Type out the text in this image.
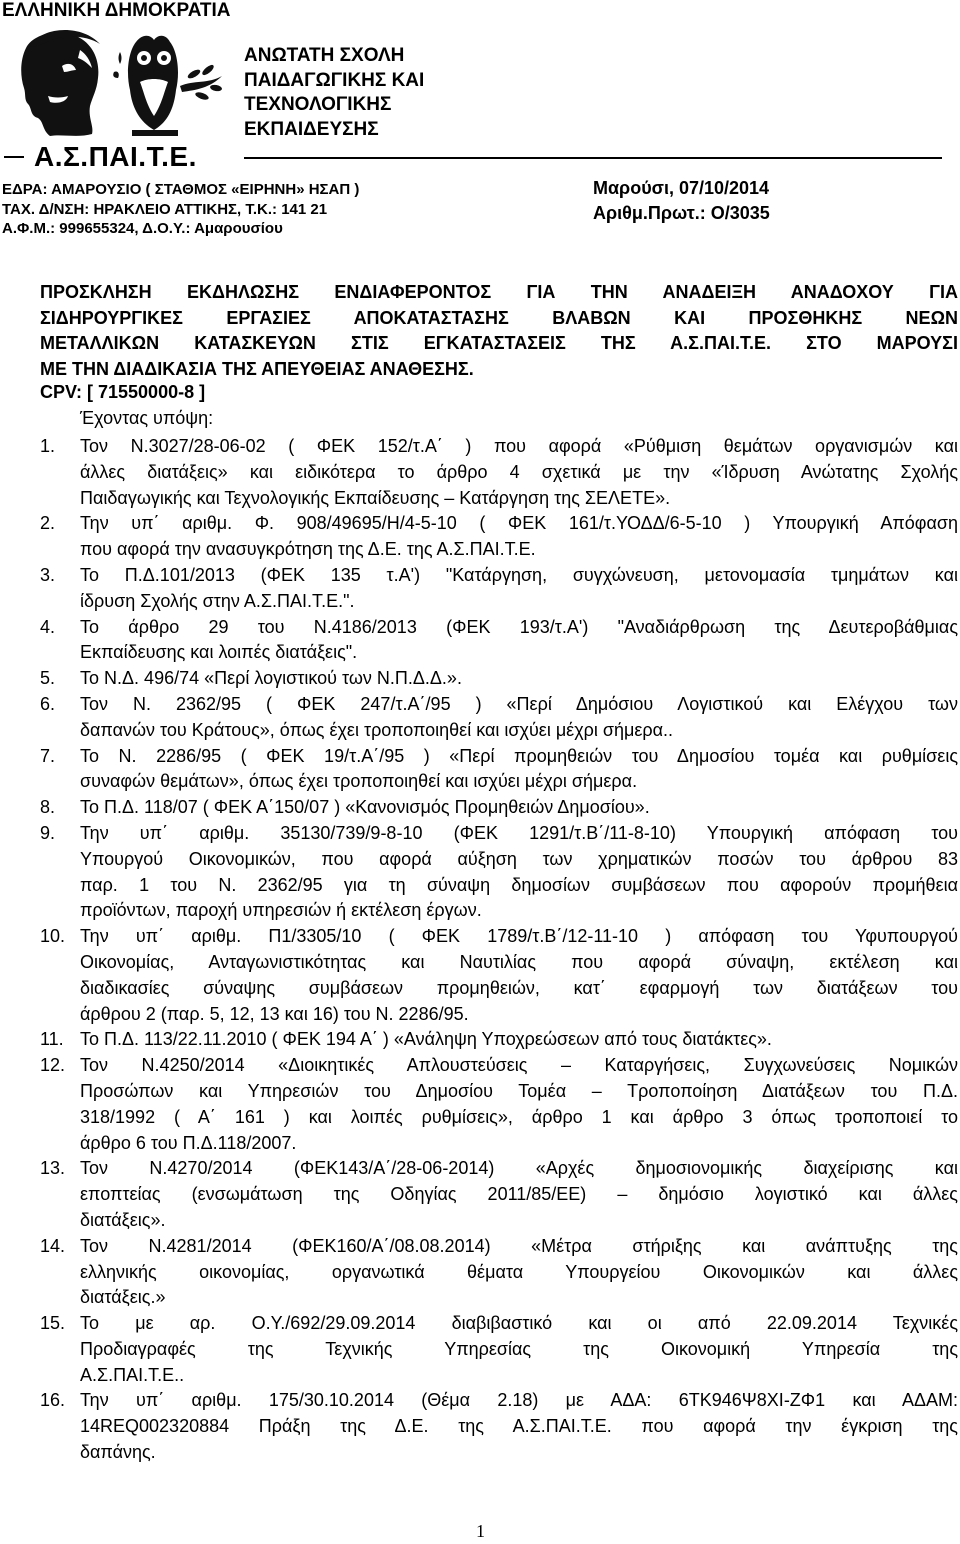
ΕΛΛΗΝΙΚΗ ΔΗΜΟΚΡΑΤΙΑ
ΑΝΩΤΑΤΗ ΣΧΟΛΗ
ΠΑΙΔΑΓΩΓΙΚΗΣ ΚΑΙ
ΤΕΧΝΟΛΟΓΙΚΗΣ
ΕΚΠΑΙΔΕΥΣΗΣ
Α.Σ.ΠΑΙ.Τ.Ε.
ΕΔΡΑ: ΑΜΑΡΟΥΣΙΟ ( ΣΤΑΘΜΟΣ «ΕΙΡΗΝΗ» ΗΣΑΠ )
ΤΑΧ. Δ/ΝΣΗ: ΗΡΑΚΛΕΙΟ ΑΤΤΙΚΗΣ, Τ.Κ.: 141 21
Α.Φ.Μ.: 999655324, Δ.Ο.Υ.: Αμαρουσίου
Μαρούσι, 07/10/2014
Αριθμ.Πρωτ.: Ο/3035
ΠΡΟΣΚΛΗΣΗ ΕΚΔΗΛΩΣΗΣ ΕΝΔΙΑΦΕΡΟΝΤΟΣ ΓΙΑ ΤΗΝ ΑΝΑΔΕΙΞΗ ΑΝΑΔΟΧΟΥ ΓΙΑ
ΣΙΔΗΡΟΥΡΓΙΚΕΣ ΕΡΓΑΣΙΕΣ ΑΠΟΚΑΤΑΣΤΑΣΗΣ ΒΛΑΒΩΝ ΚΑΙ ΠΡΟΣΘΗΚΗΣ ΝΕΩΝ
ΜΕΤΑΛΛΙΚΩΝ ΚΑΤΑΣΚΕΥΩΝ ΣΤΙΣ ΕΓΚΑΤΑΣΤΑΣΕΙΣ ΤΗΣ Α.Σ.ΠΑΙ.Τ.Ε. ΣΤΟ ΜΑΡΟΥΣΙ
ΜΕ ΤΗΝ ΔΙΑΔΙΚΑΣΙΑ ΤΗΣ ΑΠΕΥΘΕΙΑΣ ΑΝΑΘΕΣΗΣ.
CPV: [ 71550000-8 ]
Έχοντας υπόψη:
1. Τον Ν.3027/28-06-02 ( ΦΕΚ 152/τ.Α΄ ) που αφορά «Ρύθμιση θεμάτων οργανισμών και
άλλες διατάξεις» και ειδικότερα το άρθρο 4 σχετικά με την «Ίδρυση Ανώτατης Σχολής
Παιδαγωγικής και Τεχνολογικής Εκπαίδευσης – Κατάργηση της ΣΕΛΕΤΕ».
2. Την υπ΄ αριθμ. Φ. 908/49695/Η/4-5-10 ( ΦΕΚ 161/τ.ΥΟΔΔ/6-5-10 ) Υπουργική Απόφαση
που αφορά την ανασυγκρότηση της Δ.Ε. της Α.Σ.ΠΑΙ.Τ.Ε.
3. Το Π.Δ.101/2013 (ΦΕΚ 135 τ.Α') "Κατάργηση, συγχώνευση, μετονομασία τμημάτων και
ίδρυση Σχολής στην Α.Σ.ΠΑΙ.Τ.Ε.".
4. Το άρθρο 29 του Ν.4186/2013 (ΦΕΚ 193/τ.Α') "Αναδιάρθρωση της Δευτεροβάθμιας
Εκπαίδευσης και λοιπές διατάξεις".
5. Το Ν.Δ. 496/74 «Περί λογιστικού των Ν.Π.Δ.Δ.».
6. Τον Ν. 2362/95 ( ΦΕΚ 247/τ.Α΄/95 ) «Περί Δημόσιου Λογιστικού και Ελέγχου των
δαπανών του Κράτους», όπως έχει τροποποιηθεί και ισχύει μέχρι σήμερα..
7. Το Ν. 2286/95 ( ΦΕΚ 19/τ.Α΄/95 ) «Περί προμηθειών του Δημοσίου τομέα και ρυθμίσεις
συναφών θεμάτων», όπως έχει τροποποιηθεί και ισχύει μέχρι σήμερα.
8. Το Π.Δ. 118/07 ( ΦΕΚ Α΄150/07 ) «Κανονισμός Προμηθειών Δημοσίου».
9. Την υπ΄ αριθμ. 35130/739/9-8-10 (ΦΕΚ 1291/τ.Β΄/11-8-10) Υπουργική απόφαση του
Υπουργού Οικονομικών, που αφορά αύξηση των χρηματικών ποσών του άρθρου 83
παρ. 1 του Ν. 2362/95 για τη σύναψη δημοσίων συμβάσεων που αφορούν προμήθεια
προϊόντων, παροχή υπηρεσιών ή εκτέλεση έργων.
10. Την υπ΄ αριθμ. Π1/3305/10 ( ΦΕΚ 1789/τ.Β΄/12-11-10 ) απόφαση του Υφυπουργού
Οικονομίας, Ανταγωνιστικότητας και Ναυτιλίας που αφορά σύναψη, εκτέλεση και
διαδικασίες σύναψης συμβάσεων προμηθειών, κατ΄ εφαρμογή των διατάξεων του
άρθρου 2 (παρ. 5, 12, 13 και 16) του Ν. 2286/95.
11. Το Π.Δ. 113/22.11.2010 ( ΦΕΚ 194 Α΄ ) «Ανάληψη Υποχρεώσεων από τους διατάκτες».
12. Τον Ν.4250/2014 «Διοικητικές Απλουστεύσεις – Καταργήσεις, Συγχωνεύσεις Νομικών
Προσώπων και Υπηρεσιών του Δημοσίου Τομέα – Τροποποίηση Διατάξεων του Π.Δ.
318/1992 ( Α΄ 161 ) και λοιπές ρυθμίσεις», άρθρο 1 και άρθρο 3 όπως τροποποιεί το
άρθρο 6 του Π.Δ.118/2007.
13. Τον Ν.4270/2014 (ΦΕΚ143/Α΄/28-06-2014) «Αρχές δημοσιονομικής διαχείρισης και
εποπτείας (ενσωμάτωση της Οδηγίας 2011/85/ΕΕ) – δημόσιο λογιστικό και άλλες
διατάξεις».
14. Τον Ν.4281/2014 (ΦΕΚ160/Α΄/08.08.2014) «Μέτρα στήριξης και ανάπτυξης της
ελληνικής οικονομίας, οργανωτικά θέματα Υπουργείου Οικονομικών και άλλες
διατάξεις.»
15. Το με αρ. Ο.Υ./692/29.09.2014 διαβιβαστικό και οι από 22.09.2014 Τεχνικές
Προδιαγραφές της Τεχνικής Υπηρεσίας της Οικονομική Υπηρεσία της
Α.Σ.ΠΑΙ.Τ.Ε..
16. Την υπ΄ αριθμ. 175/30.10.2014 (Θέμα 2.18) με ΑΔΑ: 6ΤΚ946Ψ8ΧΙ-ΖΦ1 και ΑΔΑΜ:
14REQ002320884 Πράξη της Δ.Ε. της Α.Σ.ΠΑΙ.Τ.Ε. που αφορά την έγκριση της
δαπάνης.
1
